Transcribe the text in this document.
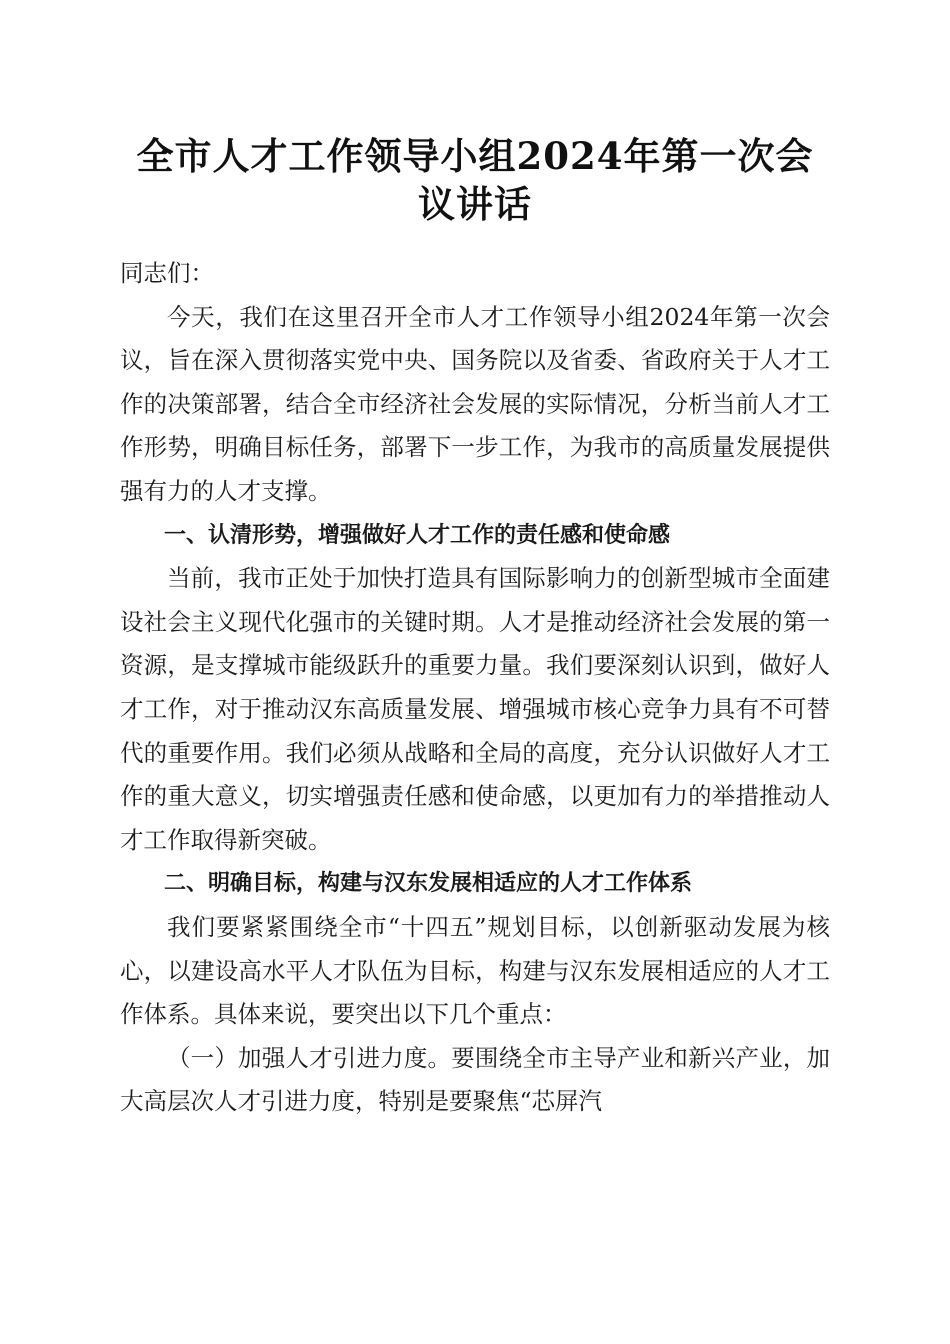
全市人才工作领导小组2024年第一次会议讲话

同志们：

今天，我们在这里召开全市人才工作领导小组2024年第一次会议，旨在深入贯彻落实党中央、国务院以及省委、省政府关于人才工作的决策部署，结合全市经济社会发展的实际情况，分析当前人才工作形势，明确目标任务，部署下一步工作，为我市的高质量发展提供强有力的人才支撑。

一、认清形势，增强做好人才工作的责任感和使命感

当前，我市正处于加快打造具有国际影响力的创新型城市全面建设社会主义现代化强市的关键时期。人才是推动经济社会发展的第一资源，是支撑城市能级跃升的重要力量。我们要深刻认识到，做好人才工作，对于推动汉东高质量发展、增强城市核心竞争力具有不可替代的重要作用。我们必须从战略和全局的高度，充分认识做好人才工作的重大意义，切实增强责任感和使命感，以更加有力的举措推动人才工作取得新突破。

二、明确目标，构建与汉东发展相适应的人才工作体系

我们要紧紧围绕全市“十四五”规划目标，以创新驱动发展为核心，以建设高水平人才队伍为目标，构建与汉东发展相适应的人才工作体系。具体来说，要突出以下几个重点：

（一）加强人才引进力度。要围绕全市主导产业和新兴产业，加大高层次人才引进力度，特别是要聚焦“芯屏汽
